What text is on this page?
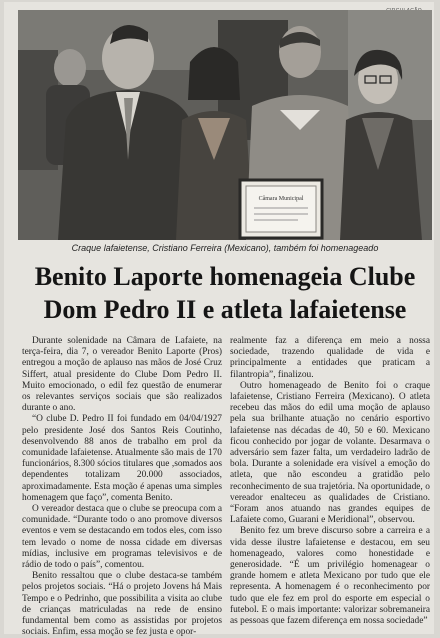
Câmara Municipal
Craque lafaietense, Cristiano Ferreira (Mexicano), também foi homenageado
Benito Laporte homenageia Clube
Dom Pedro II e atleta lafaietense

Durante solenidade na Câmara de Lafaiete, na terça-feira, dia 7, o vereador Benito Laporte (Pros) entregou a moção de aplauso nas mãos de José Cruz Siffert, atual presidente do Clube Dom Pedro II. Muito emocionado, o edil fez questão de enumerar os relevantes serviços sociais que são realizados durante o ano.

“O clube D. Pedro II foi fundado em 04/04/1927 pelo presidente José dos Santos Reis Coutinho, desenvolvendo 88 anos de trabalho em prol da comunidade lafaietense. Atualmente são mais de 170 funcionários, 8.300 sócios titulares que ,somados aos dependentes totalizam 20.000 associados, aproximadamente. Esta moção é apenas uma simples homenagem que faço”, comenta Benito.

O vereador destaca que o clube se preocupa com a comunidade. “Durante todo o ano promove diversos eventos e vem se destacando em todos eles, com isso tem levado o nome de nossa cidade em diversas mídias, inclusive em programas televisivos e de rádio de todo o país”, comentou.

Benito ressaltou que o clube destaca-se também pelos projetos sociais. “Há o projeto Jovens há Mais Tempo e o Pedrinho, que possibilita a visita ao clube de crianças matriculadas na rede de ensino fundamental bem como as assistidas por projetos sociais. Enfim, essa moção se fez justa e opor-

realmente faz a diferença em meio a nossa sociedade, trazendo qualidade de vida e principalmente a entidades que praticam a filantropia”, finalizou.

Outro homenageado de Benito foi o craque lafaietense, Cristiano Ferreira (Mexicano). O atleta recebeu das mãos do edil uma moção de aplauso pela sua brilhante atuação no cenário esportivo lafaietense nas décadas de 40, 50 e 60. Mexicano ficou conhecido por jogar de volante. Desarmava o adversário sem fazer falta, um verdadeiro ladrão de bola. Durante a solenidade era visível a emoção do atleta, que não escondeu a gratidão pelo reconhecimento de sua trajetória. Na oportunidade, o vereador enalteceu as qualidades de Cristiano. “Foram anos atuando nas grandes equipes de Lafaiete como, Guarani e Meridional”, observou.

Benito fez um breve discurso sobre a carreira e a vida desse ilustre lafaietense e destacou, em seu homenageado, valores como honestidade e generosidade. “É um privilégio homenagear o grande homem e atleta Mexicano por tudo que ele representa. A homenagem é o reconhecimento por tudo que ele fez em prol do esporte em especial o futebol. E o mais importante: valorizar sobremaneira as pessoas que fazem diferença em nossa sociedade”
